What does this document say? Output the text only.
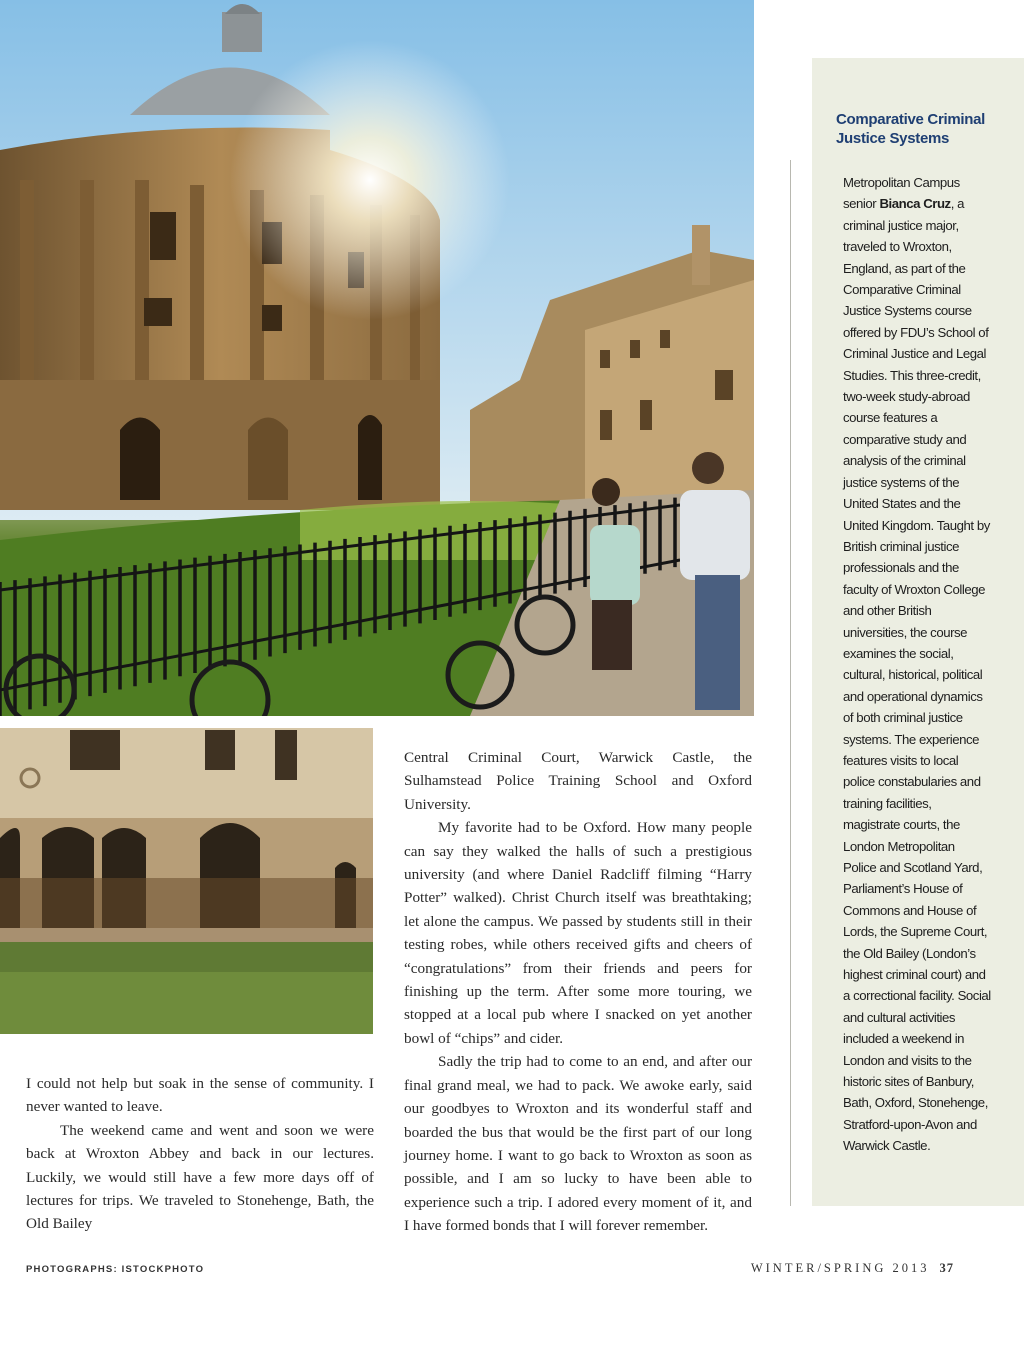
Comparative Criminal Justice Systems
Metropolitan Campus senior Bianca Cruz, a criminal justice major, traveled to Wroxton, England, as part of the Comparative Criminal Justice Systems course offered by FDU’s School of Criminal Justice and Legal Studies. This three-credit, two-week study-abroad course features a comparative study and analysis of the criminal justice systems of the United States and the United Kingdom. Taught by British criminal justice professionals and the faculty of Wroxton College and other British universities, the course examines the social, cultural, historical, political and operational dynamics of both criminal justice systems. The experience features visits to local police constabularies and training facilities, magistrate courts, the London Metropolitan Police and Scotland Yard, Parliament’s House of Commons and House of Lords, the Supreme Court, the Old Bailey (London’s highest criminal court) and a correctional facility. Social and cultural activities included a weekend in London and visits to the historic sites of Banbury, Bath, Oxford, Stonehenge, Stratford-upon-Avon and Warwick Castle.

I could not help but soak in the sense of community. I never wanted to leave.

The weekend came and went and soon we were back at Wroxton Abbey and back in our lectures. Luckily, we would still have a few more days off of lectures for trips. We traveled to Stonehenge, Bath, the Old Bailey

Central Criminal Court, Warwick Castle, the Sulhamstead Police Training School and Oxford University.

My favorite had to be Oxford. How many people can say they walked the halls of such a prestigious university (and where Daniel Radcliff filming “Harry Potter” walked). Christ Church itself was breathtaking; let alone the campus. We passed by students still in their testing robes, while others received gifts and cheers of “congratulations” from their friends and peers for finishing up the term. After some more touring, we stopped at a local pub where I snacked on yet another bowl of “chips” and cider.

Sadly the trip had to come to an end, and after our final grand meal, we had to pack. We awoke early, said our goodbyes to Wroxton and its wonderful staff and boarded the bus that would be the first part of our long journey home. I want to go back to Wroxton as soon as possible, and I am so lucky to have been able to experience such a trip. I adored every moment of it, and I have formed bonds that I will forever remember.

PHOTOGRAPHS: ISTOCKPHOTO	WINTER/SPRING 2013 37
